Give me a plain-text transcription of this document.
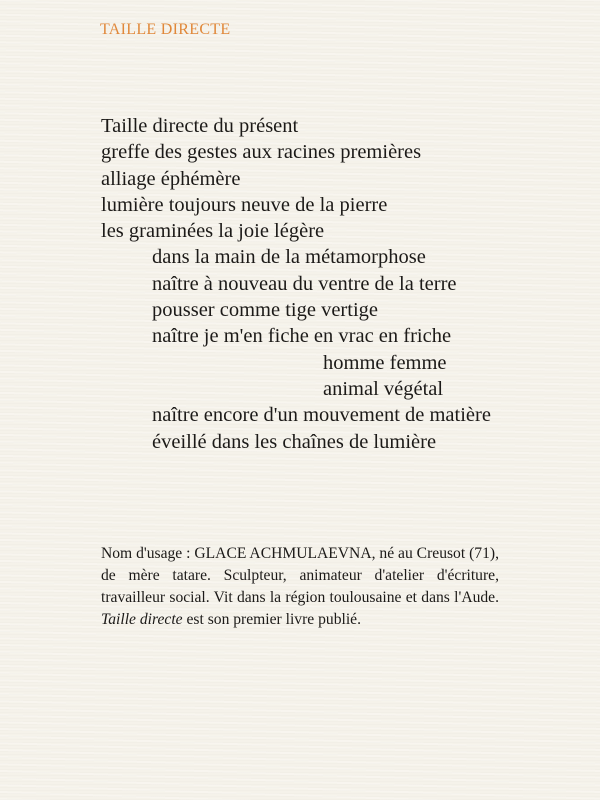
TAILLE DIRECTE
Taille directe du présent
greffe des gestes aux racines premières
alliage éphémère
lumière toujours neuve de la pierre
les graminées la joie légère
dans la main de la métamorphose
naître à nouveau du ventre de la terre
pousser comme tige vertige
naître je m'en fiche en vrac en friche
homme femme
animal végétal
naître encore d'un mouvement de matière
éveillé dans les chaînes de lumière

Nom d'usage : GLACE ACHMULAEVNA, né au Creusot (71), de mère tatare. Sculpteur, animateur d'atelier d'écriture, travailleur social. Vit dans la région toulousaine et dans l'Aude. Taille directe est son premier livre publié.
